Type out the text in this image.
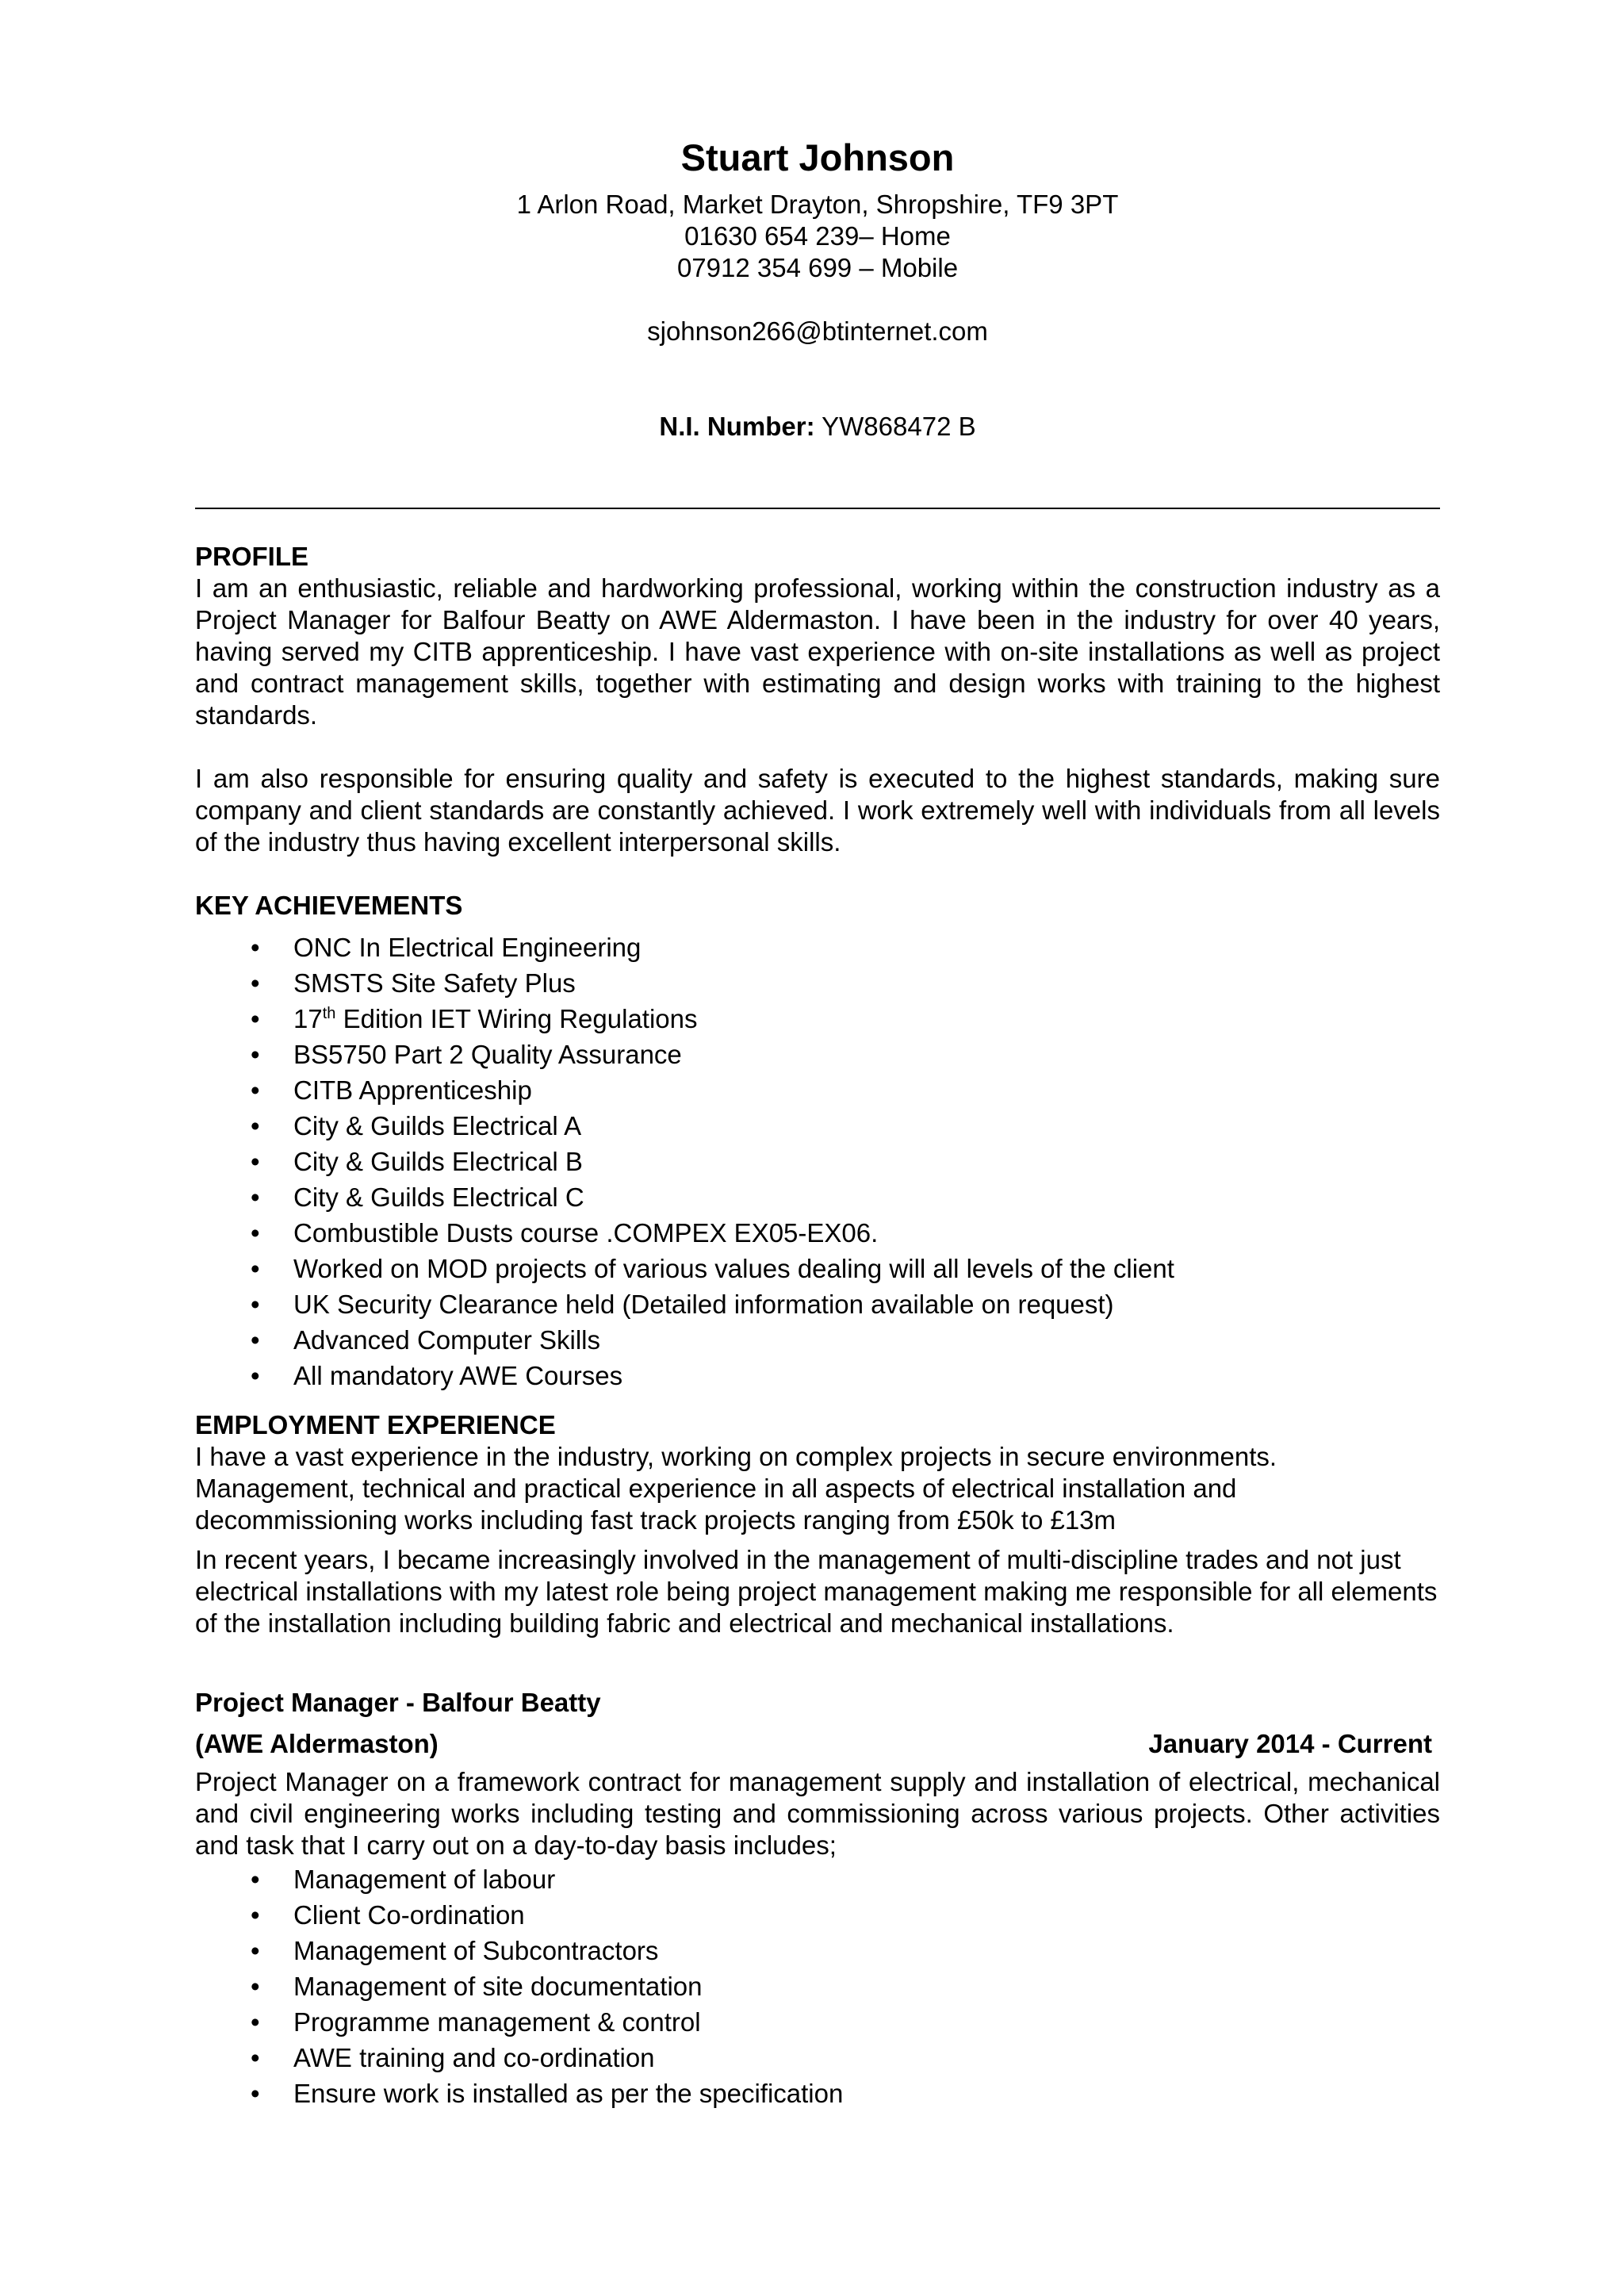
Stuart Johnson
1 Arlon Road, Market Drayton, Shropshire, TF9 3PT
01630 654 239– Home
07912 354 699 – Mobile
sjohnson266@btinternet.com
N.I. Number: YW868472 B
PROFILE

I am an enthusiastic, reliable and hardworking professional, working within the construction industry as a Project Manager for Balfour Beatty on AWE Aldermaston. I have been in the industry for over 40 years, having served my CITB apprenticeship. I have vast experience with on-site installations as well as project and contract management skills, together with estimating and design works with training to the highest standards.

I am also responsible for ensuring quality and safety is executed to the highest standards, making sure company and client standards are constantly achieved. I work extremely well with individuals from all levels of the industry thus having excellent interpersonal skills.

KEY ACHIEVEMENTS
• ONC In Electrical Engineering
• SMSTS Site Safety Plus
• 17th Edition IET Wiring Regulations
• BS5750 Part 2 Quality Assurance
• CITB Apprenticeship
• City & Guilds Electrical A
• City & Guilds Electrical B
• City & Guilds Electrical C
• Combustible Dusts course .COMPEX EX05-EX06.
• Worked on MOD projects of various values dealing will all levels of the client
• UK Security Clearance held (Detailed information available on request)
• Advanced Computer Skills
• All mandatory AWE Courses
EMPLOYMENT EXPERIENCE

I have a vast experience in the industry, working on complex projects in secure environments. Management, technical and practical experience in all aspects of electrical installation and decommissioning works including fast track projects ranging from £50k to £13m

In recent years, I became increasingly involved in the management of multi-discipline trades and not just electrical installations with my latest role being project management making me responsible for all elements of the installation including building fabric and electrical and mechanical installations.

Project Manager - Balfour Beatty
(AWE Aldermaston)	January 2014 - Current

Project Manager on a framework contract for management supply and installation of electrical, mechanical and civil engineering works including testing and commissioning across various projects. Other activities and task that I carry out on a day-to-day basis includes;

• Management of labour
• Client Co-ordination
• Management of Subcontractors
• Management of site documentation
• Programme management & control
• AWE training and co-ordination
• Ensure work is installed as per the specification
